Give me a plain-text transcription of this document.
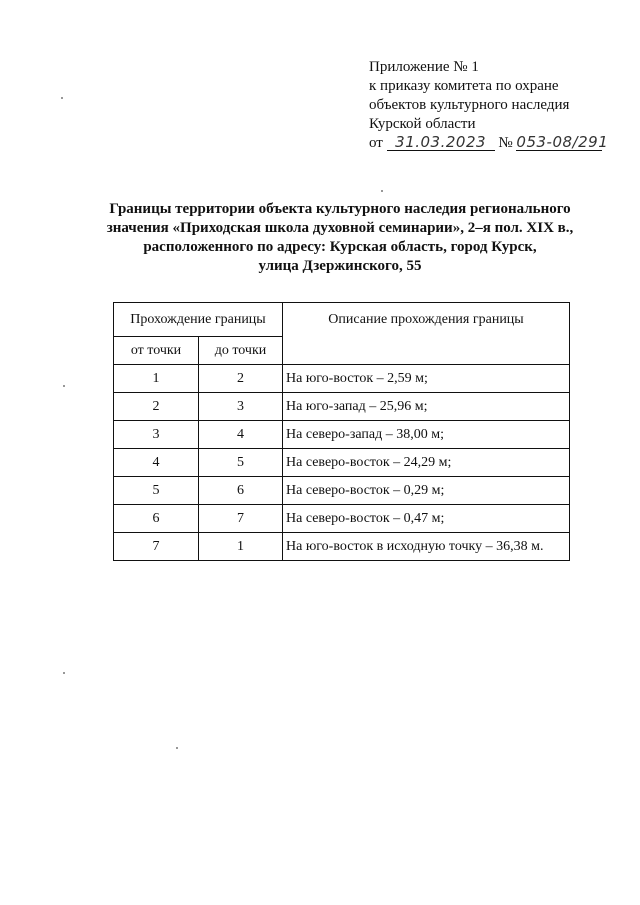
Приложение № 1
к приказу комитета по охране
объектов культурного наследия
Курской области
от 31.03.2023 № 053-08/291
Границы территории объекта культурного наследия регионального
значения «Приходская школа духовной семинарии», 2–я пол. XIX в.,
расположенного по адресу: Курская область, город Курск,
улица Дзержинского, 55
Прохождение границы		Описание прохождения границы
от точки	до точки	
1	2	На юго-восток – 2,59 м;
2	3	На юго-запад – 25,96 м;
3	4	На северо-запад – 38,00 м;
4	5	На северо-восток – 24,29 м;
5	6	На северо-восток – 0,29 м;
6	7	На северо-восток – 0,47 м;
7	1	На юго-восток в исходную точку – 36,38 м.
